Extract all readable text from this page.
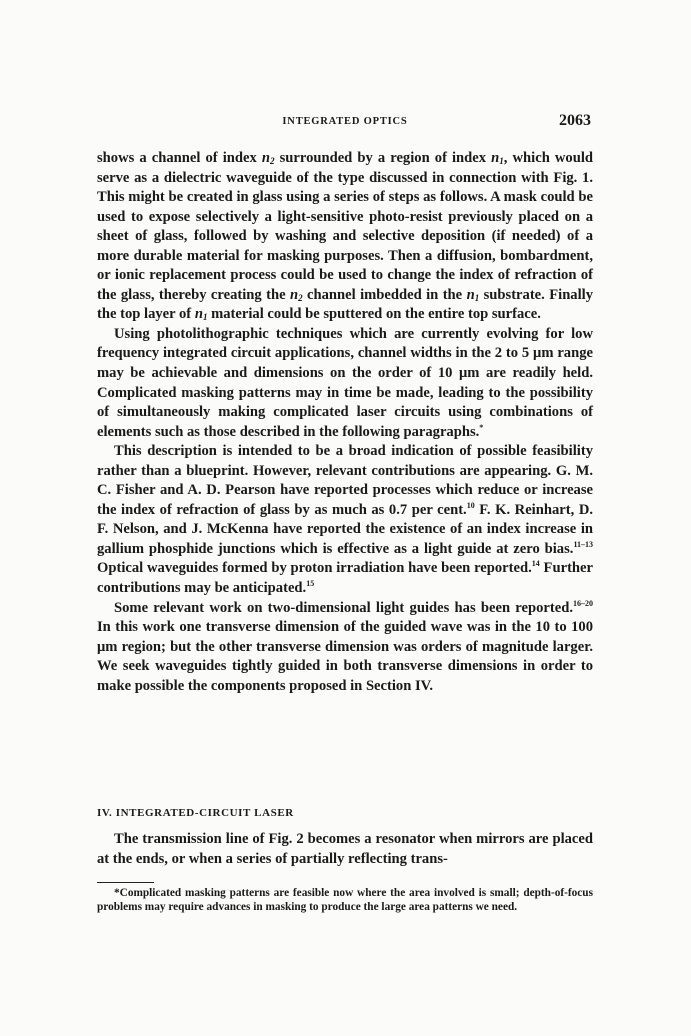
INTEGRATED OPTICS	2063

shows a channel of index $n_2$ surrounded by a region of index $n_1$, which would serve as a dielectric waveguide of the type discussed in connection with Fig. 1. This might be created in glass using a series of steps as follows. A mask could be used to expose selectively a light-sensitive photo-resist previously placed on a sheet of glass, followed by washing and selective deposition (if needed) of a more durable material for masking purposes. Then a diffusion, bombardment, or ionic replacement process could be used to change the index of refraction of the glass, thereby creating the $n_2$ channel imbedded in the $n_1$ substrate. Finally the top layer of $n_1$ material could be sputtered on the entire top surface.

Using photolithographic techniques which are currently evolving for low frequency integrated circuit applications, channel widths in the 2 to 5 μm range may be achievable and dimensions on the order of 10 μm are readily held. Complicated masking patterns may in time be made, leading to the possibility of simultaneously making complicated laser circuits using combinations of elements such as those described in the following paragraphs.*

This description is intended to be a broad indication of possible feasibility rather than a blueprint. However, relevant contributions are appearing. G. M. C. Fisher and A. D. Pearson have reported processes which reduce or increase the index of refraction of glass by as much as 0.7 per cent.$^{10}$ F. K. Reinhart, D. F. Nelson, and J. McKenna have reported the existence of an index increase in gallium phosphide junctions which is effective as a light guide at zero bias.$^{11-13}$ Optical waveguides formed by proton irradiation have been reported.$^{14}$ Further contributions may be anticipated.$^{15}$

Some relevant work on two-dimensional light guides has been reported.$^{16-20}$ In this work one transverse dimension of the guided wave was in the 10 to 100 μm region; but the other transverse dimension was orders of magnitude larger. We seek waveguides tightly guided in both transverse dimensions in order to make possible the components proposed in Section IV.

IV. INTEGRATED-CIRCUIT LASER

The transmission line of Fig. 2 becomes a resonator when mirrors are placed at the ends, or when a series of partially reflecting trans-

*Complicated masking patterns are feasible now where the area involved is small; depth-of-focus problems may require advances in masking to produce the large area patterns we need.
